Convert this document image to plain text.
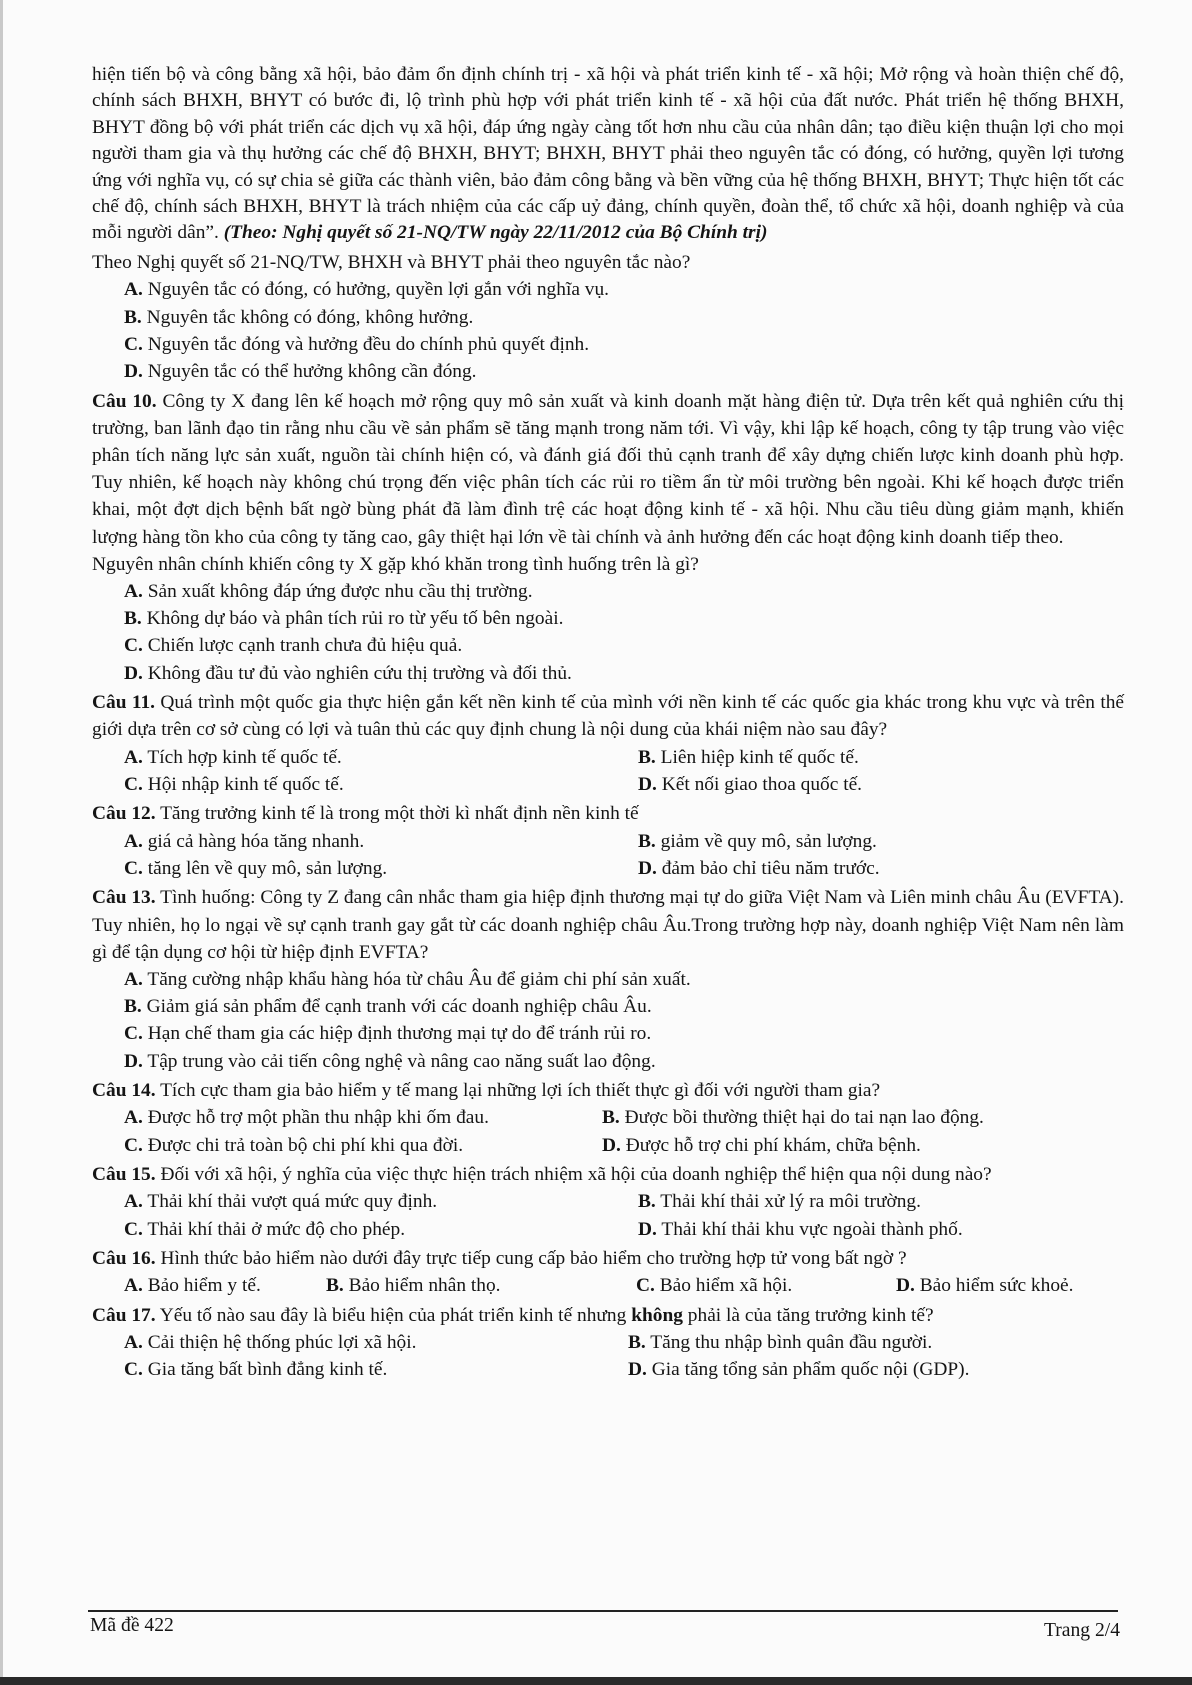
hiện tiến bộ và công bằng xã hội, bảo đảm ổn định chính trị - xã hội và phát triển kinh tế - xã hội; Mở rộng và hoàn thiện chế độ, chính sách BHXH, BHYT có bước đi, lộ trình phù hợp với phát triển kinh tế - xã hội của đất nước. Phát triển hệ thống BHXH, BHYT đồng bộ với phát triển các dịch vụ xã hội, đáp ứng ngày càng tốt hơn nhu cầu của nhân dân; tạo điều kiện thuận lợi cho mọi người tham gia và thụ hưởng các chế độ BHXH, BHYT; BHXH, BHYT phải theo nguyên tắc có đóng, có hưởng, quyền lợi tương ứng với nghĩa vụ, có sự chia sẻ giữa các thành viên, bảo đảm công bằng và bền vững của hệ thống BHXH, BHYT; Thực hiện tốt các chế độ, chính sách BHXH, BHYT là trách nhiệm của các cấp uỷ đảng, chính quyền, đoàn thể, tổ chức xã hội, doanh nghiệp và của mỗi người dân”. (Theo: Nghị quyết số 21-NQ/TW ngày 22/11/2012 của Bộ Chính trị)

Theo Nghị quyết số 21-NQ/TW, BHXH và BHYT phải theo nguyên tắc nào?

A. Nguyên tắc có đóng, có hưởng, quyền lợi gắn với nghĩa vụ.

B. Nguyên tắc không có đóng, không hưởng.

C. Nguyên tắc đóng và hưởng đều do chính phủ quyết định.

D. Nguyên tắc có thể hưởng không cần đóng.

Câu 10. Công ty X đang lên kế hoạch mở rộng quy mô sản xuất và kinh doanh mặt hàng điện tử. Dựa trên kết quả nghiên cứu thị trường, ban lãnh đạo tin rằng nhu cầu về sản phẩm sẽ tăng mạnh trong năm tới. Vì vậy, khi lập kế hoạch, công ty tập trung vào việc phân tích năng lực sản xuất, nguồn tài chính hiện có, và đánh giá đối thủ cạnh tranh để xây dựng chiến lược kinh doanh phù hợp. Tuy nhiên, kế hoạch này không chú trọng đến việc phân tích các rủi ro tiềm ẩn từ môi trường bên ngoài. Khi kế hoạch được triển khai, một đợt dịch bệnh bất ngờ bùng phát đã làm đình trệ các hoạt động kinh tế - xã hội. Nhu cầu tiêu dùng giảm mạnh, khiến lượng hàng tồn kho của công ty tăng cao, gây thiệt hại lớn về tài chính và ảnh hưởng đến các hoạt động kinh doanh tiếp theo.

Nguyên nhân chính khiến công ty X gặp khó khăn trong tình huống trên là gì?

A. Sản xuất không đáp ứng được nhu cầu thị trường.

B. Không dự báo và phân tích rủi ro từ yếu tố bên ngoài.

C. Chiến lược cạnh tranh chưa đủ hiệu quả.

D. Không đầu tư đủ vào nghiên cứu thị trường và đối thủ.

Câu 11. Quá trình một quốc gia thực hiện gắn kết nền kinh tế của mình với nền kinh tế các quốc gia khác trong khu vực và trên thế giới dựa trên cơ sở cùng có lợi và tuân thủ các quy định chung là nội dung của khái niệm nào sau đây?

A. Tích hợp kinh tế quốc tế.	B. Liên hiệp kinh tế quốc tế.

C. Hội nhập kinh tế quốc tế.	D. Kết nối giao thoa quốc tế.

Câu 12. Tăng trưởng kinh tế là trong một thời kì nhất định nền kinh tế

A. giá cả hàng hóa tăng nhanh.	B. giảm về quy mô, sản lượng.

C. tăng lên về quy mô, sản lượng.	D. đảm bảo chỉ tiêu năm trước.

Câu 13. Tình huống: Công ty Z đang cân nhắc tham gia hiệp định thương mại tự do giữa Việt Nam và Liên minh châu Âu (EVFTA). Tuy nhiên, họ lo ngại về sự cạnh tranh gay gắt từ các doanh nghiệp châu Âu.Trong trường hợp này, doanh nghiệp Việt Nam nên làm gì để tận dụng cơ hội từ hiệp định EVFTA?

A. Tăng cường nhập khẩu hàng hóa từ châu Âu để giảm chi phí sản xuất.

B. Giảm giá sản phẩm để cạnh tranh với các doanh nghiệp châu Âu.

C. Hạn chế tham gia các hiệp định thương mại tự do để tránh rủi ro.

D. Tập trung vào cải tiến công nghệ và nâng cao năng suất lao động.

Câu 14. Tích cực tham gia bảo hiểm y tế mang lại những lợi ích thiết thực gì đối với người tham gia?

A. Được hỗ trợ một phần thu nhập khi ốm đau.	B. Được bồi thường thiệt hại do tai nạn lao động.

C. Được chi trả toàn bộ chi phí khi qua đời.	D. Được hỗ trợ chi phí khám, chữa bệnh.

Câu 15. Đối với xã hội, ý nghĩa của việc thực hiện trách nhiệm xã hội của doanh nghiệp thể hiện qua nội dung nào?

A. Thải khí thải vượt quá mức quy định.	B. Thải khí thải xử lý ra môi trường.

C. Thải khí thải ở mức độ cho phép.	D. Thải khí thải khu vực ngoài thành phố.

Câu 16. Hình thức bảo hiểm nào dưới đây trực tiếp cung cấp bảo hiểm cho trường hợp tử vong bất ngờ ?

A. Bảo hiểm y tế.	B. Bảo hiểm nhân thọ.	C. Bảo hiểm xã hội.	D. Bảo hiểm sức khoẻ.

Câu 17. Yếu tố nào sau đây là biểu hiện của phát triển kinh tế nhưng không phải là của tăng trưởng kinh tế?

A. Cải thiện hệ thống phúc lợi xã hội.	B. Tăng thu nhập bình quân đầu người.

C. Gia tăng bất bình đẳng kinh tế.	D. Gia tăng tổng sản phẩm quốc nội (GDP).

Mã đề 422	Trang 2/4
